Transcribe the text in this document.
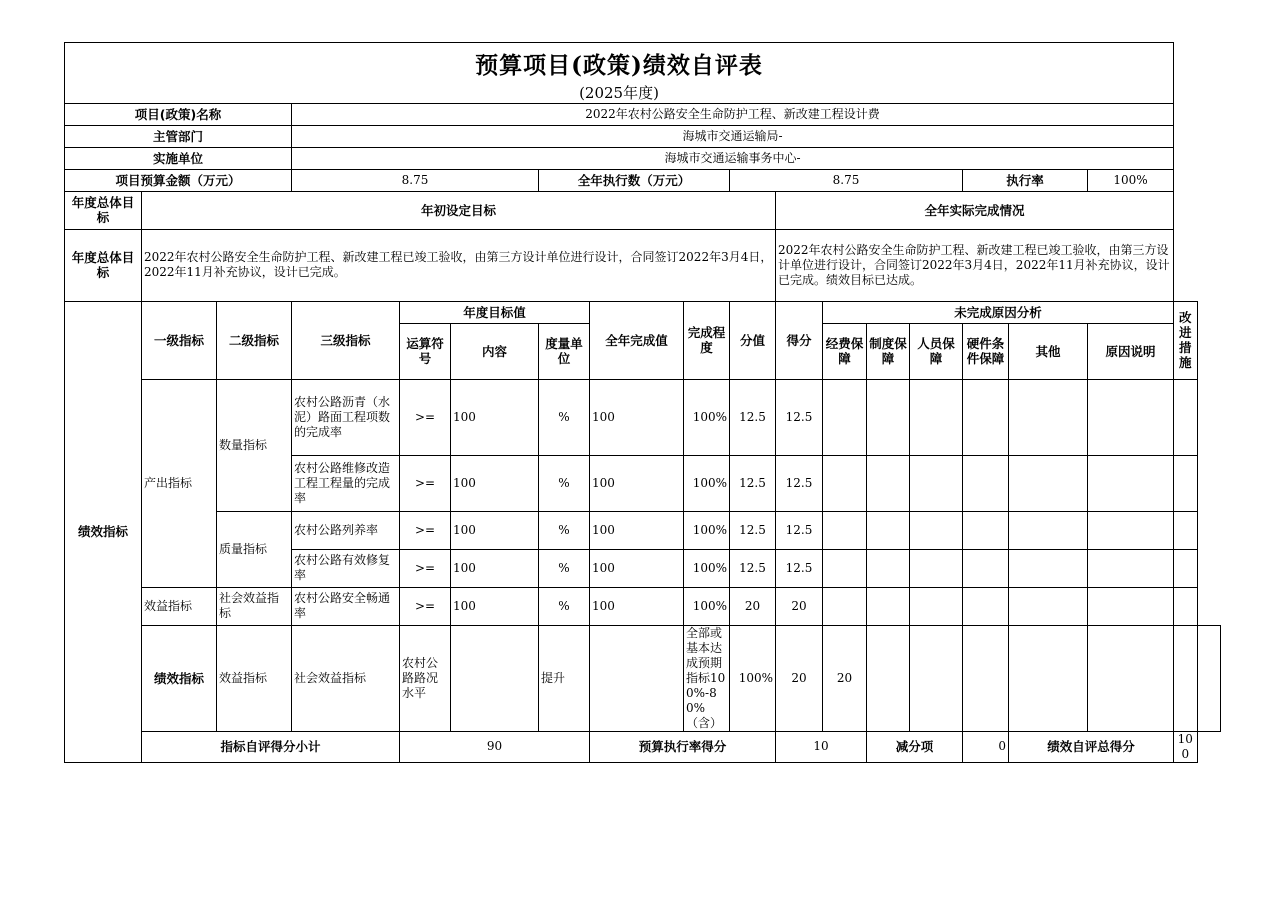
预算项目(政策)绩效自评表																		

(2025年度)																		
项目(政策)名称			2022年农村公路安全生命防护工程、新改建工程设计费															
主管部门			海城市交通运输局-															
实施单位			海城市交通运输事务中心-															
项目预算金额（万元）			8.75			全年执行数（万元）			8.75					执行率		100%		
年度总体目标	年初设定目标									全年实际完成情况								
年度总体目标	2022年农村公路安全生命防护工程、新改建工程已竣工验收，由第三方设计单位进行设计，合同签订2022年3月4日，2022年11月补充协议，设计已完成。									2022年农村公路安全生命防护工程、新改建工程已竣工验收，由第三方设计单位进行设计，合同签订2022年3月4日，2022年11月补充协议，设计已完成。绩效目标已达成。								
绩效指标	一级指标	二级指标	三级指标	年度目标值			全年完成值	完成程度	分值	得分	未完成原因分析						改进措施	
				运算符号	内容	度量单位					经费保障	制度保障	人员保障	硬件条件保障	其他	原因说明		
	产出指标	数量指标	农村公路沥青（水泥）路面工程项数的完成率	>=	100	%	100	100%	12.5	12.5								
			农村公路维修改造工程工程量的完成率	>=	100	%	100	100%	12.5	12.5								
		质量指标	农村公路列养率	>=	100	%	100	100%	12.5	12.5								
			农村公路有效修复率	>=	100	%	100	100%	12.5	12.5								
	效益指标	社会效益指标	农村公路安全畅通率	>=	100	%	100	100%	20	20								
	绩效指标	效益指标	社会效益指标	农村公路路况水平		提升		全部或基本达成预期指标100%-80%（含）	100%	20	20							
	指标自评得分小计			90			预算执行率得分			10		减分项		0	绩效自评总得分		100	
